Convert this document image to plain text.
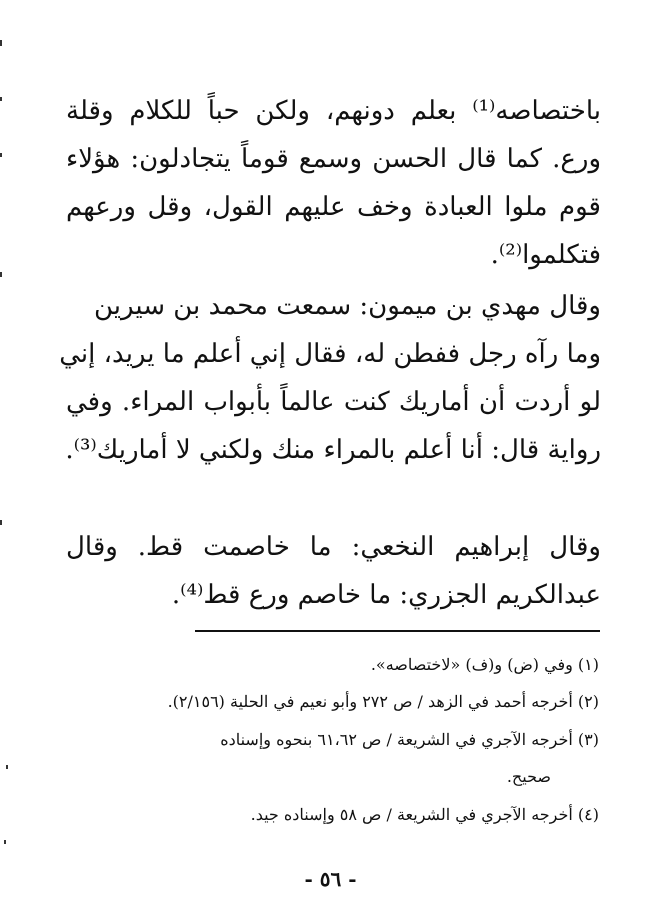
باختصاصه⁽¹⁾ بعلم دونهم، ولكن حباً للكلام وقلة
ورع. كما قال الحسن وسمع قوماً يتجادلون: هؤلاء
قوم ملوا العبادة وخف عليهم القول، وقل ورعهم
فتكلموا⁽²⁾.
وقال مهدي بن ميمون: سمعت محمد بن سيرين
وما رآه رجل ففطن له، فقال إني أعلم ما يريد، إني
لو أردت أن أماريك كنت عالماً بأبواب المراء. وفي
رواية قال: أنا أعلم بالمراء منك ولكني لا أماريك⁽³⁾.
وقال إبراهيم النخعي: ما خاصمت قط. وقال
عبدالكريم الجزري: ما خاصم ورع قط⁽⁴⁾.
(١) وفي (ض) و(ف) «لاختصاصه».
(٢) أخرجه أحمد في الزهد / ص ٢٧٢ وأبو نعيم في الحلية (٢/١٥٦).
(٣) أخرجه الآجري في الشريعة / ص ٦١،٦٢ بنحوه وإسناده
صحيح.
(٤) أخرجه الآجري في الشريعة / ص ٥٨ وإسناده جيد.
- ٥٦ -
